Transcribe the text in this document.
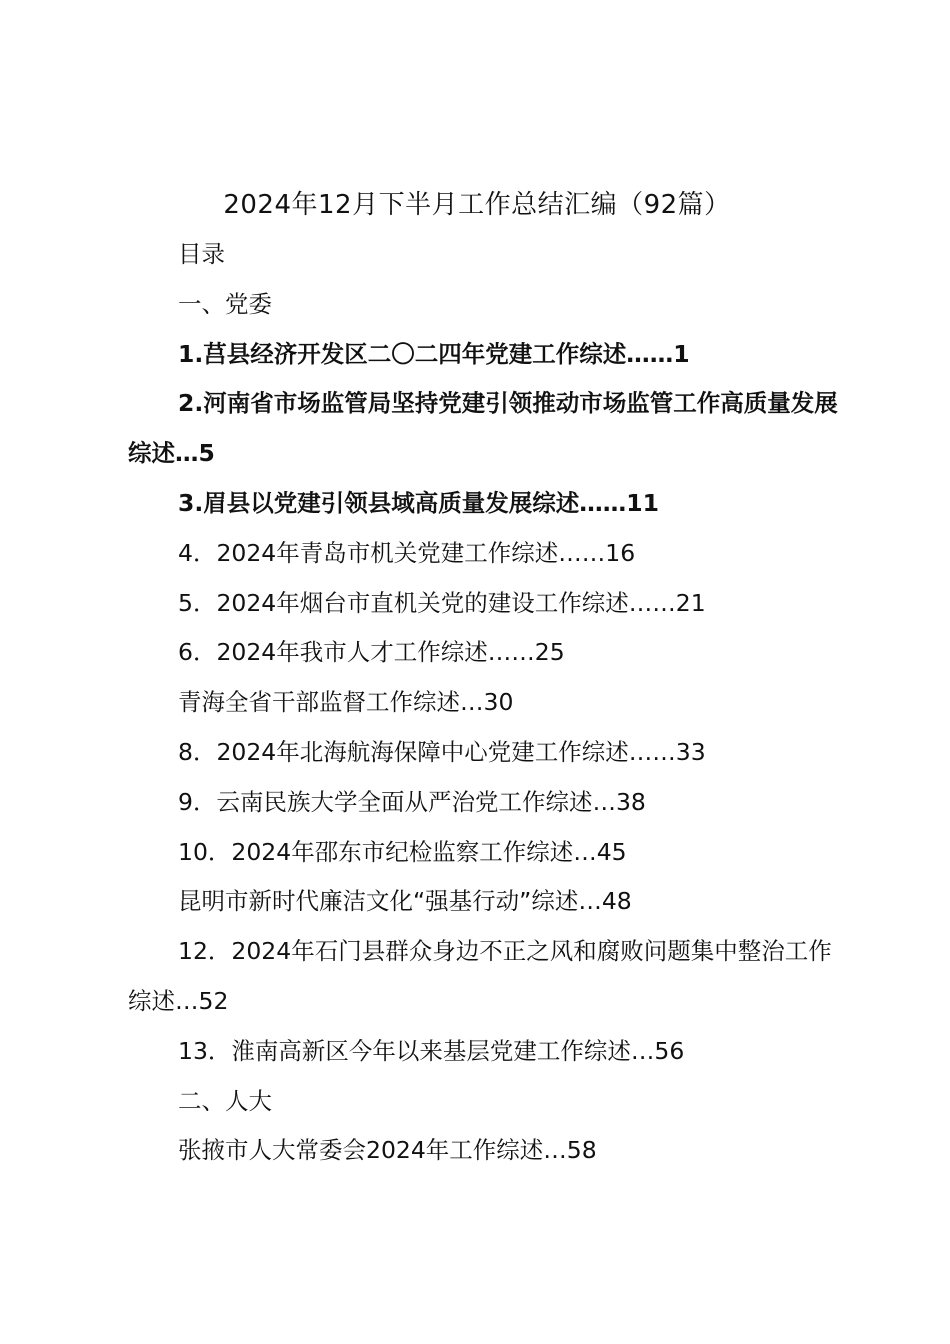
2024年12月下半月工作总结汇编（92篇）

目录

一、党委

1.莒县经济开发区二〇二四年党建工作综述……1

2.河南省市场监管局坚持党建引领推动市场监管工作高质量发展综述…5

3.眉县以党建引领县域高质量发展综述……11

4．2024年青岛市机关党建工作综述……16

5．2024年烟台市直机关党的建设工作综述……21

6．2024年我市人才工作综述……25

青海全省干部监督工作综述…30

8．2024年北海航海保障中心党建工作综述……33

9．云南民族大学全面从严治党工作综述…38

10．2024年邵东市纪检监察工作综述…45

昆明市新时代廉洁文化“强基行动”综述…48

12．2024年石门县群众身边不正之风和腐败问题集中整治工作综述…52

13．淮南高新区今年以来基层党建工作综述…56

二、人大

张掖市人大常委会2024年工作综述…58
